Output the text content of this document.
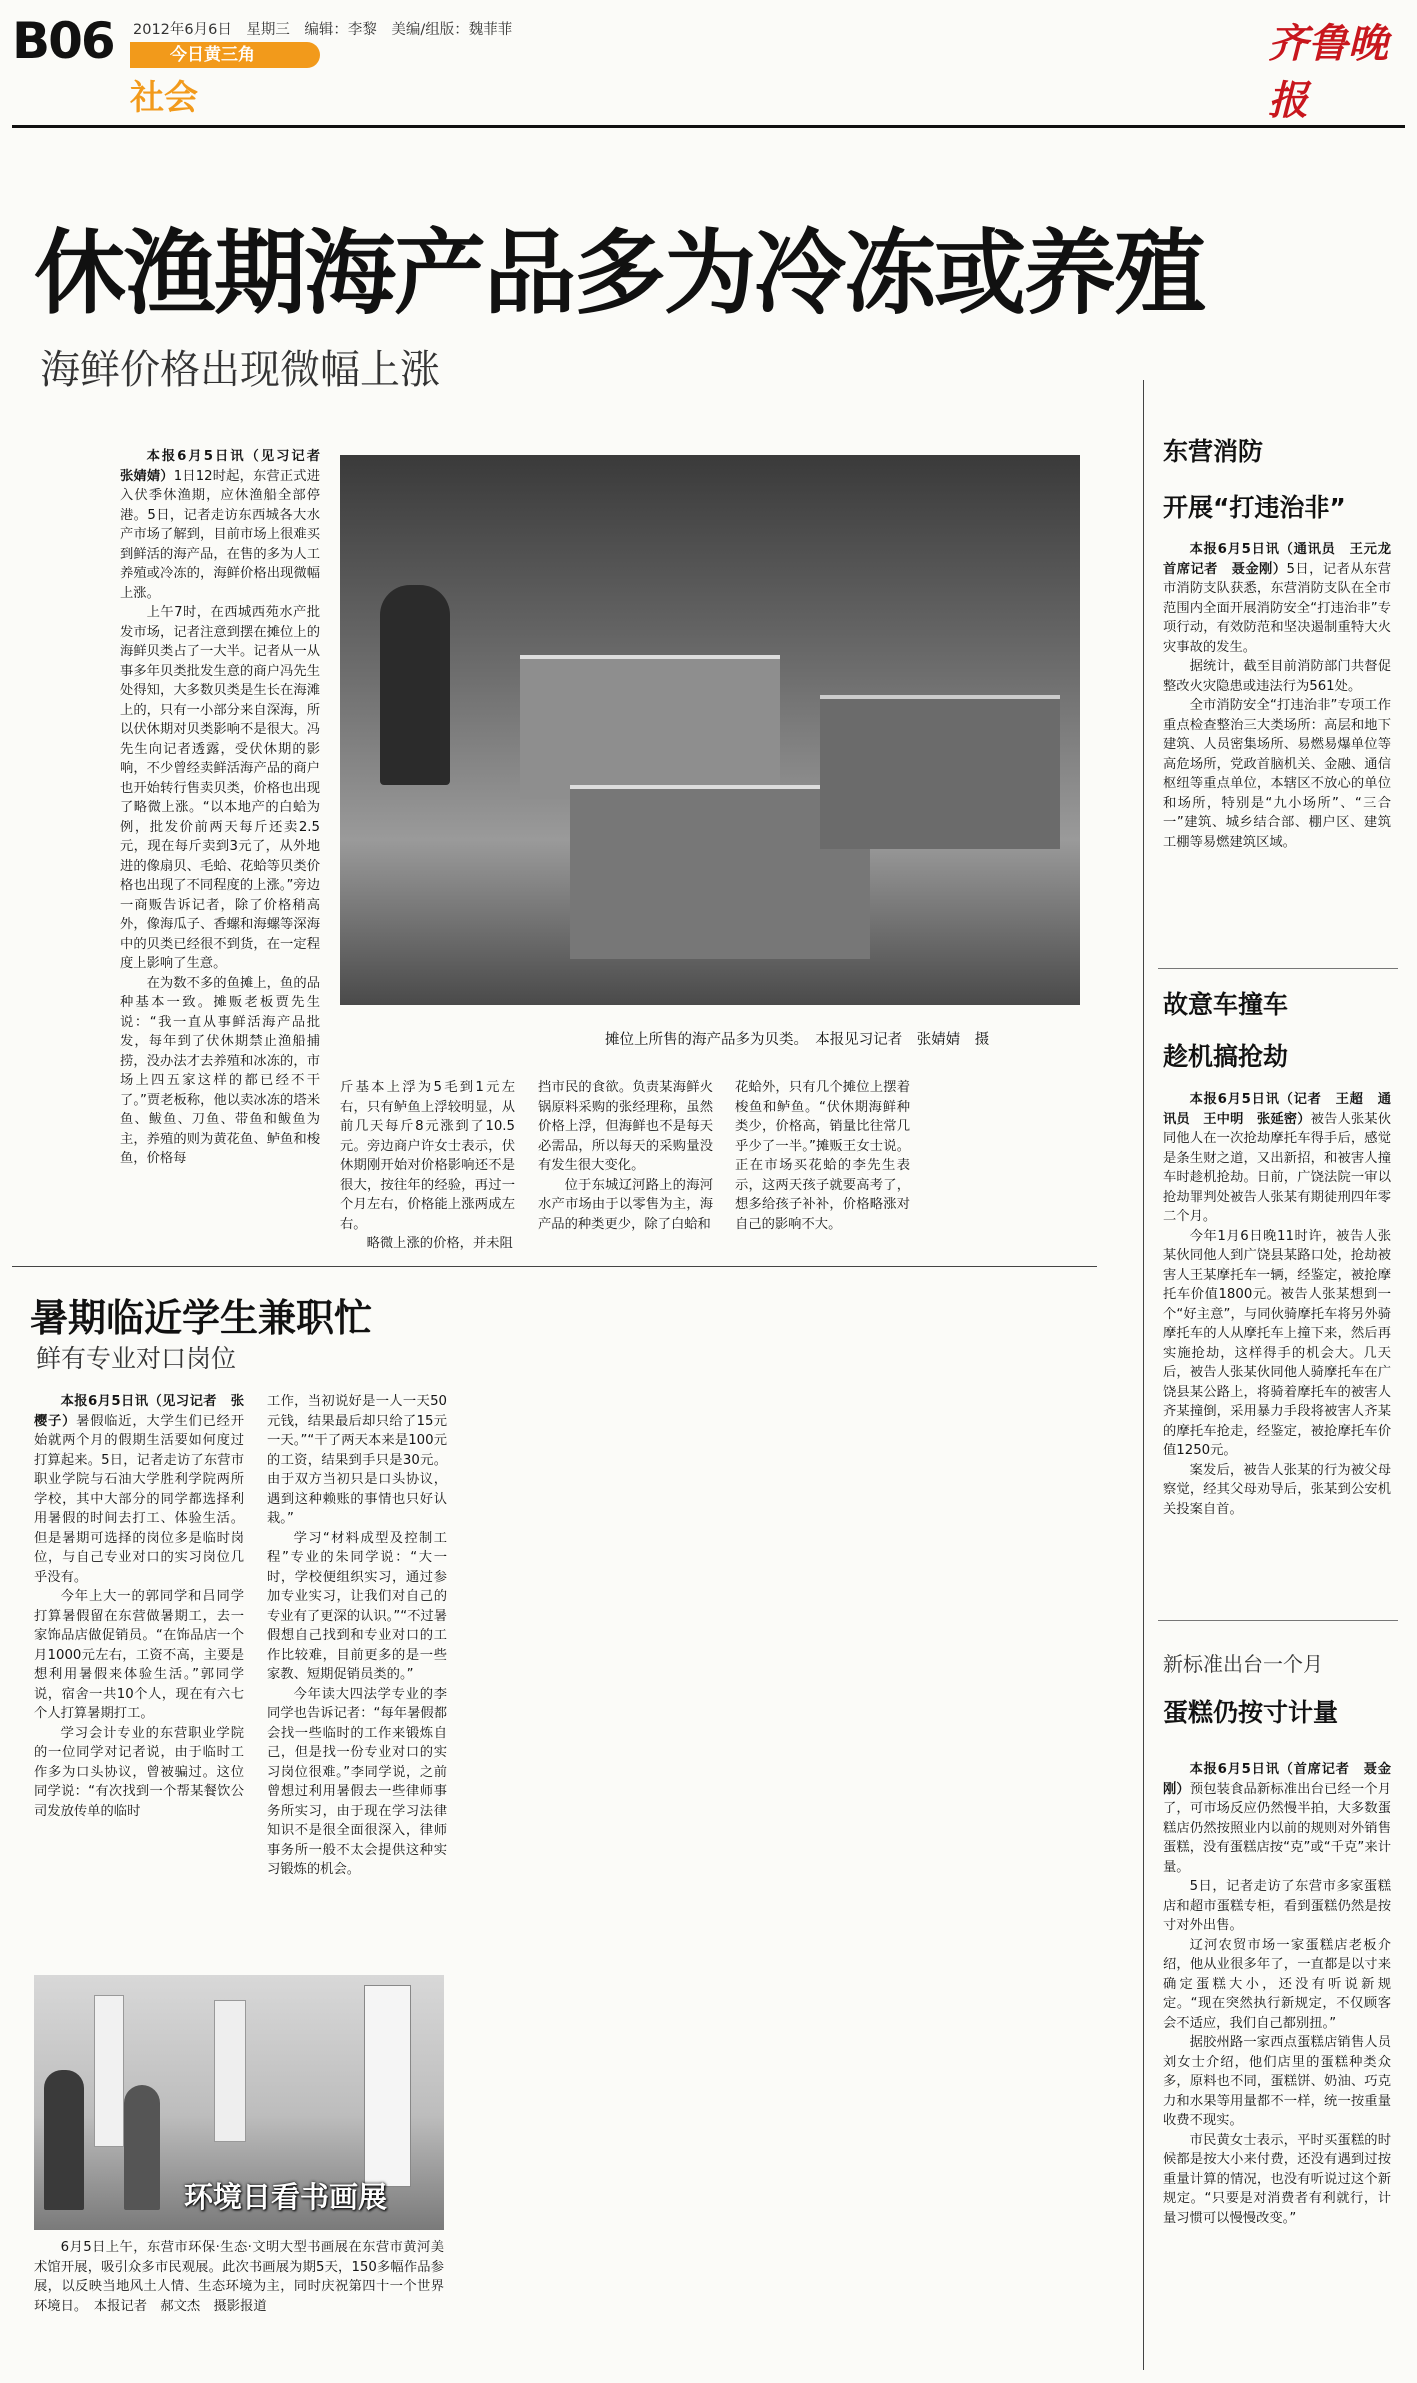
B06 2012年6月6日　星期三　编辑：李黎　美编/组版：魏菲菲
今日黄三角
社会
齐鲁晚报
休渔期海产品多为冷冻或养殖
海鲜价格出现微幅上涨

本报6月5日讯（见习记者　张婧婧）1日12时起，东营正式进入伏季休渔期，应休渔船全部停港。5日，记者走访东西城各大水产市场了解到，目前市场上很难买到鲜活的海产品，在售的多为人工养殖或冷冻的，海鲜价格出现微幅上涨。

上午7时，在西城西苑水产批发市场，记者注意到摆在摊位上的海鲜贝类占了一大半。记者从一从事多年贝类批发生意的商户冯先生处得知，大多数贝类是生长在海滩上的，只有一小部分来自深海，所以伏休期对贝类影响不是很大。冯先生向记者透露，受伏休期的影响，不少曾经卖鲜活海产品的商户也开始转行售卖贝类，价格也出现了略微上涨。“以本地产的白蛤为例，批发价前两天每斤还卖2.5元，现在每斤卖到3元了，从外地进的像扇贝、毛蛤、花蛤等贝类价格也出现了不同程度的上涨。”旁边一商贩告诉记者，除了价格稍高外，像海瓜子、香螺和海螺等深海中的贝类已经很不到货，在一定程度上影响了生意。

在为数不多的鱼摊上，鱼的品种基本一致。摊贩老板贾先生说：“我一直从事鲜活海产品批发，每年到了伏休期禁止渔船捕捞，没办法才去养殖和冰冻的，市场上四五家这样的都已经不干了。”贾老板称，他以卖冰冻的塔米鱼、鲅鱼、刀鱼、带鱼和鲅鱼为主，养殖的则为黄花鱼、鲈鱼和梭鱼，价格每

摊位上所售的海产品多为贝类。　本报见习记者　张婧婧　摄

斤基本上浮为5毛到1元左右，只有鲈鱼上浮较明显，从前几天每斤8元涨到了10.5元。旁边商户许女士表示，伏休期刚开始对价格影响还不是很大，按往年的经验，再过一个月左右，价格能上涨两成左右。

略微上涨的价格，并未阻

挡市民的食欲。负责某海鲜火锅原料采购的张经理称，虽然价格上浮，但海鲜也不是每天必需品，所以每天的采购量没有发生很大变化。

位于东城辽河路上的海河水产市场由于以零售为主，海产品的种类更少，除了白蛤和

花蛤外，只有几个摊位上摆着梭鱼和鲈鱼。“伏休期海鲜种类少，价格高，销量比往常几乎少了一半。”摊贩王女士说。正在市场买花蛤的李先生表示，这两天孩子就要高考了，想多给孩子补补，价格略涨对自己的影响不大。

暑期临近学生兼职忙
鲜有专业对口岗位

本报6月5日讯（见习记者　张樱子）暑假临近，大学生们已经开始就两个月的假期生活要如何度过打算起来。5日，记者走访了东营市职业学院与石油大学胜利学院两所学校，其中大部分的同学都选择利用暑假的时间去打工、体验生活。但是暑期可选择的岗位多是临时岗位，与自己专业对口的实习岗位几乎没有。

今年上大一的郭同学和吕同学打算暑假留在东营做暑期工，去一家饰品店做促销员。“在饰品店一个月1000元左右，工资不高，主要是想利用暑假来体验生活。”郭同学说，宿舍一共10个人，现在有六七个人打算暑期打工。

学习会计专业的东营职业学院的一位同学对记者说，由于临时工作多为口头协议，曾被骗过。这位同学说：“有次找到一个帮某餐饮公司发放传单的临时

工作，当初说好是一人一天50元钱，结果最后却只给了15元一天。”“干了两天本来是100元的工资，结果到手只是30元。由于双方当初只是口头协议，遇到这种赖账的事情也只好认栽。”

学习“材料成型及控制工程”专业的朱同学说：“大一时，学校便组织实习，通过参加专业实习，让我们对自己的专业有了更深的认识。”“不过暑假想自己找到和专业对口的工作比较难，目前更多的是一些家教、短期促销员类的。”

今年读大四法学专业的李同学也告诉记者：“每年暑假都会找一些临时的工作来锻炼自己，但是找一份专业对口的实习岗位很难。”李同学说，之前曾想过利用暑假去一些律师事务所实习，由于现在学习法律知识不是很全面很深入，律师事务所一般不太会提供这种实习锻炼的机会。

环境日看书画展
6月5日上午，东营市环保·生态·文明大型书画展在东营市黄河美术馆开展，吸引众多市民观展。此次书画展为期5天，150多幅作品参展，以反映当地风土人情、生态环境为主，同时庆祝第四十一个世界环境日。　本报记者　郝文杰　摄影报道
东营消防
开展“打违治非”

本报6月5日讯（通讯员　王元龙　首席记者　聂金刚）5日，记者从东营市消防支队获悉，东营消防支队在全市范围内全面开展消防安全“打违治非”专项行动，有效防范和坚决遏制重特大火灾事故的发生。

据统计，截至目前消防部门共督促整改火灾隐患或违法行为561处。

全市消防安全“打违治非”专项工作重点检查整治三大类场所：高层和地下建筑、人员密集场所、易燃易爆单位等高危场所，党政首脑机关、金融、通信枢纽等重点单位，本辖区不放心的单位和场所，特别是“九小场所”、“三合一”建筑、城乡结合部、棚户区、建筑工棚等易燃建筑区域。

故意车撞车
趁机搞抢劫

本报6月5日讯（记者　王超　通讯员　王中明　张延密）被告人张某伙同他人在一次抢劫摩托车得手后，感觉是条生财之道，又出新招，和被害人撞车时趁机抢劫。日前，广饶法院一审以抢劫罪判处被告人张某有期徒刑四年零二个月。

今年1月6日晚11时许，被告人张某伙同他人到广饶县某路口处，抢劫被害人王某摩托车一辆，经鉴定，被抢摩托车价值1800元。被告人张某想到一个“好主意”，与同伙骑摩托车将另外骑摩托车的人从摩托车上撞下来，然后再实施抢劫，这样得手的机会大。几天后，被告人张某伙同他人骑摩托车在广饶县某公路上，将骑着摩托车的被害人齐某撞倒，采用暴力手段将被害人齐某的摩托车抢走，经鉴定，被抢摩托车价值1250元。

案发后，被告人张某的行为被父母察觉，经其父母劝导后，张某到公安机关投案自首。

新标准出台一个月
蛋糕仍按寸计量

本报6月5日讯（首席记者　聂金刚）预包装食品新标准出台已经一个月了，可市场反应仍然慢半拍，大多数蛋糕店仍然按照业内以前的规则对外销售蛋糕，没有蛋糕店按“克”或“千克”来计量。

5日，记者走访了东营市多家蛋糕店和超市蛋糕专柜，看到蛋糕仍然是按寸对外出售。

辽河农贸市场一家蛋糕店老板介绍，他从业很多年了，一直都是以寸来确定蛋糕大小，还没有听说新规定。“现在突然执行新规定，不仅顾客会不适应，我们自己都别扭。”

据胶州路一家西点蛋糕店销售人员刘女士介绍，他们店里的蛋糕种类众多，原料也不同，蛋糕饼、奶油、巧克力和水果等用量都不一样，统一按重量收费不现实。

市民黄女士表示，平时买蛋糕的时候都是按大小来付费，还没有遇到过按重量计算的情况，也没有听说过这个新规定。“只要是对消费者有利就行，计量习惯可以慢慢改变。”
